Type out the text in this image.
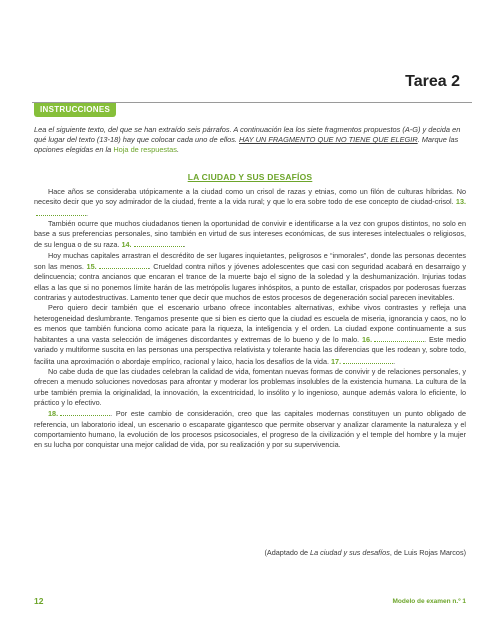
Tarea 2
INSTRUCCIONES

Lea el siguiente texto, del que se han extraído seis párrafos. A continuación lea los siete fragmentos propuestos (A-G) y decida en qué lugar del texto (13-18) hay que colocar cada uno de ellos. HAY UN FRAGMENTO QUE NO TIENE QUE ELEGIR. Marque las opciones elegidas en la Hoja de respuestas.

LA CIUDAD Y SUS DESAFÍOS

Hace años se consideraba utópicamente a la ciudad como un crisol de razas y etnias, como un filón de culturas híbridas. No necesito decir que yo soy admirador de la ciudad, frente a la vida rural; y que lo era sobre todo de ese concepto de ciudad-crisol. 13..

También ocurre que muchos ciudadanos tienen la oportunidad de convivir e identificarse a la vez con grupos distintos, no solo en base a sus preferencias personales, sino también en virtud de sus intereses económicas, de sus intereses intelectuales o religiosos, de su lengua o de su raza. 14.	.

Hoy muchas capitales arrastran el descrédito de ser lugares inquietantes, peligrosos e “inmorales”, donde las personas decentes son las menos. 15.	. Crueldad contra niños y jóvenes adolescentes que casi con seguridad acabará en desarraigo y delincuencia; contra ancianos que encaran el trance de la muerte bajo el signo de la soledad y la deshumanización. Injurias todas ellas a las que si no ponemos límite harán de las metrópolis lugares inhóspitos, a punto de estallar, crispados por poderosas fuerzas contrarias y autodestructivas. Lamento tener que decir que muchos de estos procesos de degeneración social parecen inevitables.

Pero quiero decir también que el escenario urbano ofrece incontables alternativas, exhibe vivos contrastes y refleja una heterogeneidad deslumbrante. Tengamos presente que si bien es cierto que la ciudad es escuela de miseria, ignorancia y caos, no lo es menos que también funciona como acicate para la riqueza, la inteligencia y el orden. La ciudad expone continuamente a sus habitantes a una vasta selección de imágenes discordantes y extremas de lo bueno y de lo malo. 16.	. Este medio variado y multiforme suscita en las personas una perspectiva relativista y tolerante hacia las diferencias que les rodean y, sobre todo, facilita una aproximación o abordaje empírico, racional y laico, hacia los desafíos de la vida. 17.	.

No cabe duda de que las ciudades celebran la calidad de vida, fomentan nuevas formas de convivir y de relaciones personales, y ofrecen a menudo soluciones novedosas para afrontar y moderar los problemas insolubles de la existencia humana. La cultura de la urbe también premia la originalidad, la innovación, la excentricidad, lo insólito y lo ingenioso, aunque además valora lo eficiente, lo práctico y lo efectivo.

18.	. Por este cambio de consideración, creo que las capitales modernas constituyen un punto obligado de referencia, un laboratorio ideal, un escenario o escaparate gigantesco que permite observar y analizar claramente la naturaleza y el comportamiento humano, la evolución de los procesos psicosociales, el progreso de la civilización y el temple del hombre y la mujer en su lucha por conquistar una mejor calidad de vida, por su realización y por su supervivencia.

(Adaptado de La ciudad y sus desafíos, de Luis Rojas Marcos)
12	Modelo de examen n.º 1
